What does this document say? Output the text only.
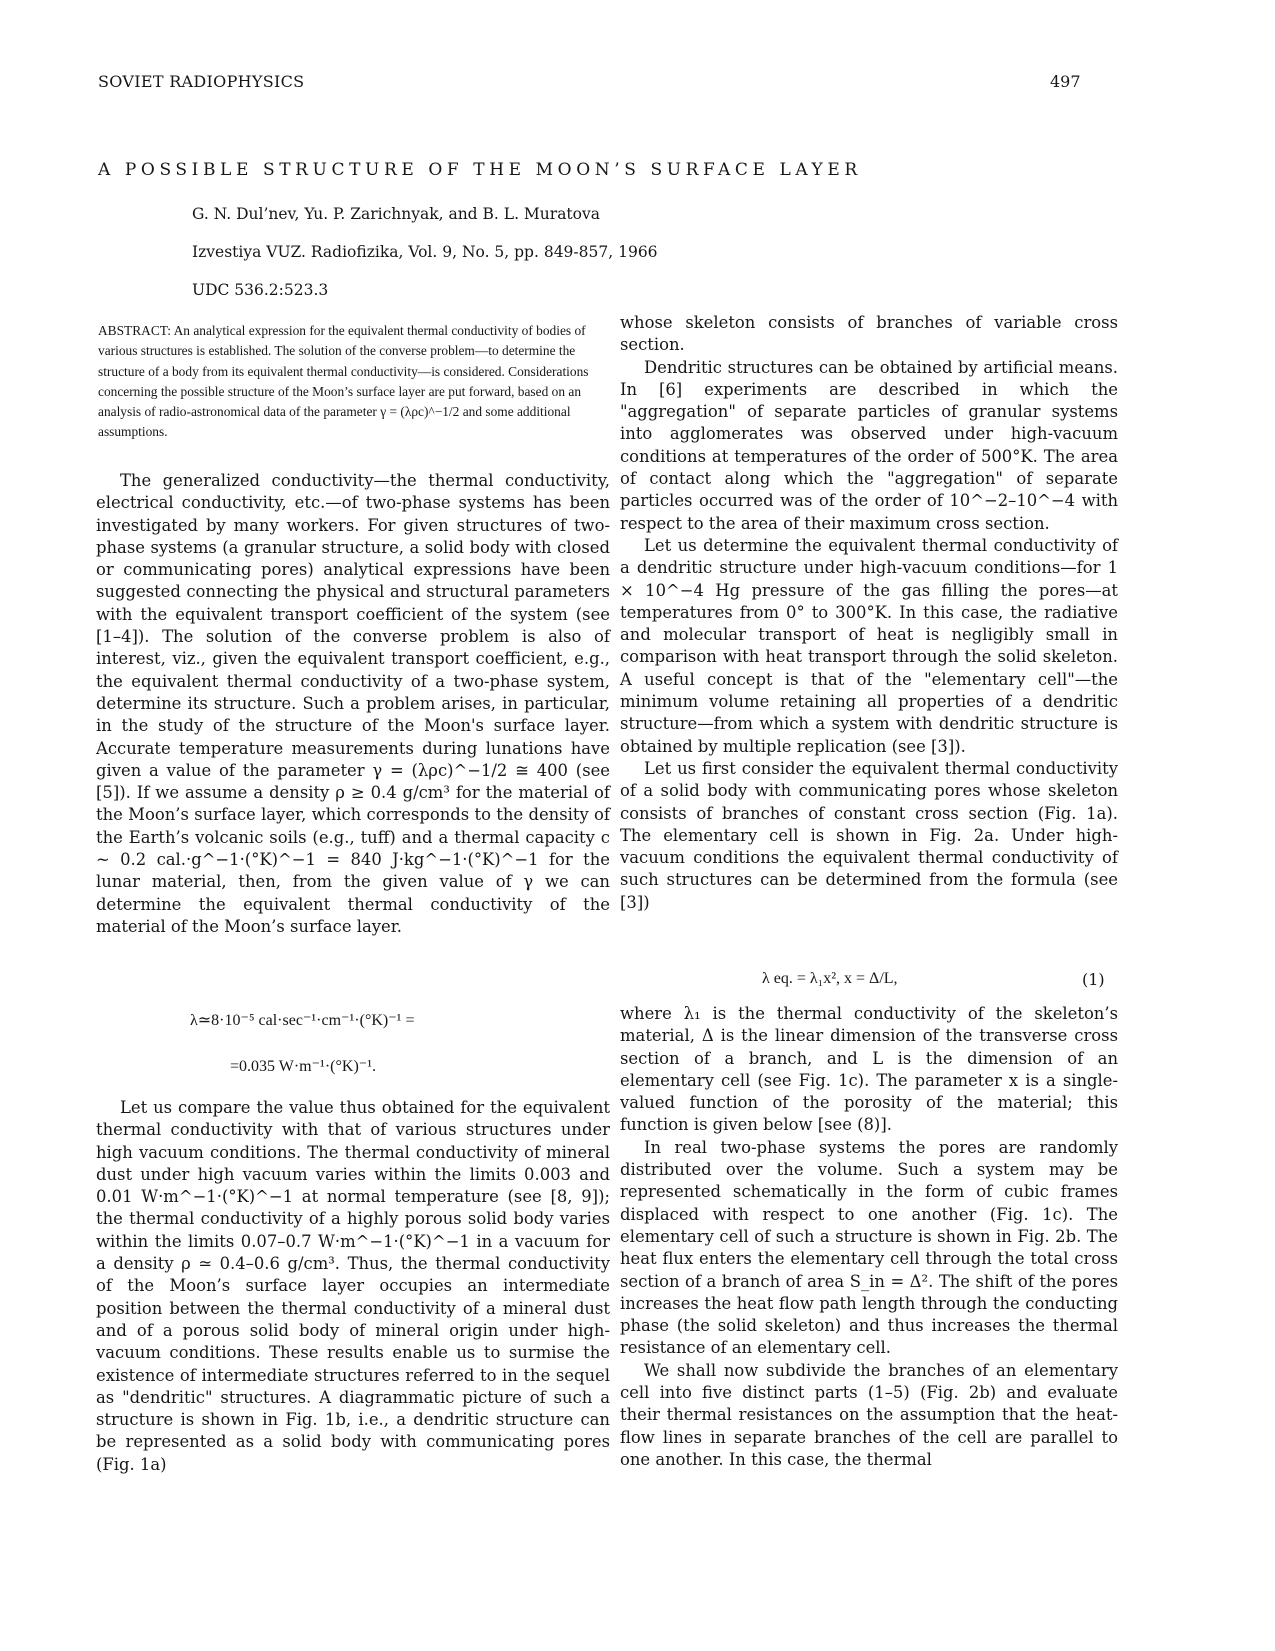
SOVIET RADIOPHYSICS	497
A POSSIBLE STRUCTURE OF THE MOON’S SURFACE LAYER
G. N. Dul’nev, Yu. P. Zarichnyak, and B. L. Muratova
Izvestiya VUZ. Radiofizika, Vol. 9, No. 5, pp. 849-857, 1966
UDC 536.2:523.3
ABSTRACT: An analytical expression for the equivalent thermal conductivity of bodies of various structures is established. The solution of the converse problem—to determine the structure of a body from its equivalent thermal conductivity—is considered. Considerations concerning the possible structure of the Moon’s surface layer are put forward, based on an analysis of radio-astronomical data of the parameter γ = (λρc)^−1/2 and some additional assumptions.

The generalized conductivity—the thermal conductivity, electrical conductivity, etc.—of two-phase systems has been investigated by many workers. For given structures of two-phase systems (a granular structure, a solid body with closed or communicating pores) analytical expressions have been suggested connecting the physical and structural parameters with the equivalent transport coefficient of the system (see [1–4]). The solution of the converse problem is also of interest, viz., given the equivalent transport coefficient, e.g., the equivalent thermal conductivity of a two-phase system, determine its structure. Such a problem arises, in particular, in the study of the structure of the Moon's surface layer. Accurate temperature measurements during lunations have given a value of the parameter γ = (λρc)^−1/2 ≅ 400 (see [5]). If we assume a density ρ ≥ 0.4 g/cm³ for the material of the Moon’s surface layer, which corresponds to the density of the Earth’s volcanic soils (e.g., tuff) and a thermal capacity c ~ 0.2 cal.·g^−1·(°K)^−1 = 840 J·kg^−1·(°K)^−1 for the lunar material, then, from the given value of γ we can determine the equivalent thermal conductivity of the material of the Moon’s surface layer.

λ≃8·10⁻⁵ cal·sec⁻¹·cm⁻¹·(°K)⁻¹ =
=0.035 W·m⁻¹·(°K)⁻¹.

Let us compare the value thus obtained for the equivalent thermal conductivity with that of various structures under high vacuum conditions. The thermal conductivity of mineral dust under high vacuum varies within the limits 0.003 and 0.01 W·m^−1·(°K)^−1 at normal temperature (see [8, 9]); the thermal conductivity of a highly porous solid body varies within the limits 0.07–0.7 W·m^−1·(°K)^−1 in a vacuum for a density ρ ≃ 0.4–0.6 g/cm³. Thus, the thermal conductivity of the Moon’s surface layer occupies an intermediate position between the thermal conductivity of a mineral dust and of a porous solid body of mineral origin under high-vacuum conditions. These results enable us to surmise the existence of intermediate structures referred to in the sequel as "dendritic" structures. A diagrammatic picture of such a structure is shown in Fig. 1b, i.e., a dendritic structure can be represented as a solid body with communicating pores (Fig. 1a)

whose skeleton consists of branches of variable cross section.

Dendritic structures can be obtained by artificial means. In [6] experiments are described in which the "aggregation" of separate particles of granular systems into agglomerates was observed under high-vacuum conditions at temperatures of the order of 500°K. The area of contact along which the "aggregation" of separate particles occurred was of the order of 10^−2–10^−4 with respect to the area of their maximum cross section.

Let us determine the equivalent thermal conductivity of a dendritic structure under high-vacuum conditions—for 1 × 10^−4 Hg pressure of the gas filling the pores—at temperatures from 0° to 300°K. In this case, the radiative and molecular transport of heat is negligibly small in comparison with heat transport through the solid skeleton. A useful concept is that of the "elementary cell"—the minimum volume retaining all properties of a dendritic structure—from which a system with dendritic structure is obtained by multiple replication (see [3]).

Let us first consider the equivalent thermal conductivity of a solid body with communicating pores whose skeleton consists of branches of constant cross section (Fig. 1a). The elementary cell is shown in Fig. 2a. Under high-vacuum conditions the equivalent thermal conductivity of such structures can be determined from the formula (see [3])

λ eq. = λ₁x², x = Δ/L,	(1)

where λ₁ is the thermal conductivity of the skeleton’s material, Δ is the linear dimension of the transverse cross section of a branch, and L is the dimension of an elementary cell (see Fig. 1c). The parameter x is a single-valued function of the porosity of the material; this function is given below [see (8)].

In real two-phase systems the pores are randomly distributed over the volume. Such a system may be represented schematically in the form of cubic frames displaced with respect to one another (Fig. 1c). The elementary cell of such a structure is shown in Fig. 2b. The heat flux enters the elementary cell through the total cross section of a branch of area S_in = Δ². The shift of the pores increases the heat flow path length through the conducting phase (the solid skeleton) and thus increases the thermal resistance of an elementary cell.

We shall now subdivide the branches of an elementary cell into five distinct parts (1–5) (Fig. 2b) and evaluate their thermal resistances on the assumption that the heat-flow lines in separate branches of the cell are parallel to one another. In this case, the thermal
